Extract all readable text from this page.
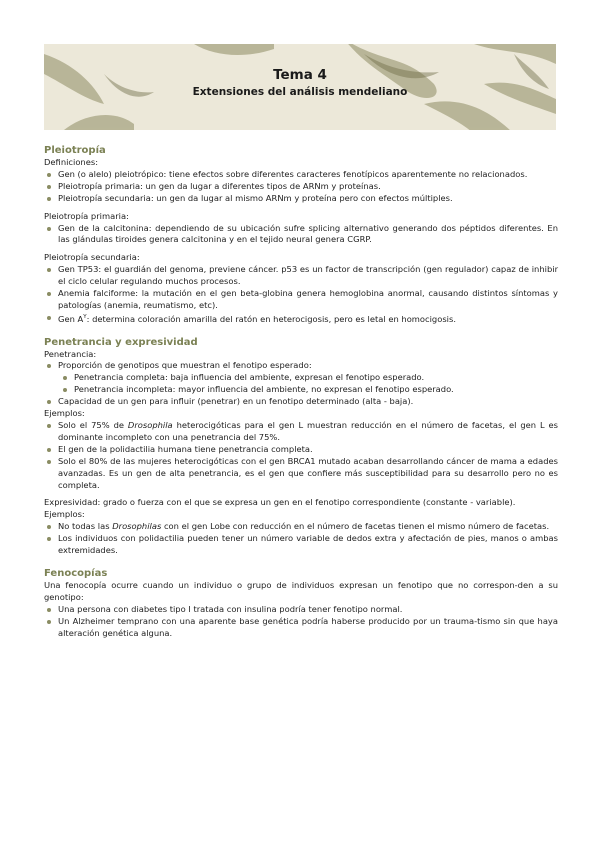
Tema 4
Extensiones del análisis mendeliano
Pleiotropía

Definiciones:

Gen (o alelo) pleiotrópico: tiene efectos sobre diferentes caracteres fenotípicos aparentemente no relacionados.
Pleiotropía primaria: un gen da lugar a diferentes tipos de ARNm y proteínas.
Pleiotropía secundaria: un gen da lugar al mismo ARNm y proteína pero con efectos múltiples.

Pleiotropía primaria:

Gen de la calcitonina: dependiendo de su ubicación sufre splicing alternativo generando dos péptidos diferentes. En las glándulas tiroides genera calcitonina y en el tejido neural genera CGRP.

Pleiotropía secundaria:

Gen TP53: el guardián del genoma, previene cáncer. p53 es un factor de transcripción (gen regulador) capaz de inhibir el ciclo celular regulando muchos procesos.
Anemia falciforme: la mutación en el gen beta-globina genera hemoglobina anormal, causando distintos síntomas y patologías (anemia, reumatismo, etc).
Gen $A^Y$: determina coloración amarilla del ratón en heterocigosis, pero es letal en homocigosis.
Penetrancia y expresividad

Penetrancia:

Proporción de genotipos que muestran el fenotipo esperado:
Penetrancia completa: baja influencia del ambiente, expresan el fenotipo esperado.
Penetrancia incompleta: mayor influencia del ambiente, no expresan el fenotipo esperado.
Capacidad de un gen para influir (penetrar) en un fenotipo determinado (alta - baja).

Ejemplos:

Solo el 75% de Drosophila heterocigóticas para el gen L muestran reducción en el número de facetas, el gen L es dominante incompleto con una penetrancia del 75%.
El gen de la polidactilia humana tiene penetrancia completa.
Solo el 80% de las mujeres heterocigóticas con el gen BRCA1 mutado acaban desarrollando cáncer de mama a edades avanzadas. Es un gen de alta penetrancia, es el gen que confiere más susceptibilidad para su desarrollo pero no es completa.

Expresividad: grado o fuerza con el que se expresa un gen en el fenotipo correspondiente (constante - variable).

Ejemplos:

No todas las Drosophilas con el gen Lobe con reducción en el número de facetas tienen el mismo número de facetas.
Los individuos con polidactilia pueden tener un número variable de dedos extra y afectación de pies, manos o ambas extremidades.
Fenocopías

Una fenocopía ocurre cuando un individuo o grupo de individuos expresan un fenotipo que no correspon-den a su genotipo:

Una persona con diabetes tipo I tratada con insulina podría tener fenotipo normal.
Un Alzheimer temprano con una aparente base genética podría haberse producido por un trauma-tismo sin que haya alteración genética alguna.
